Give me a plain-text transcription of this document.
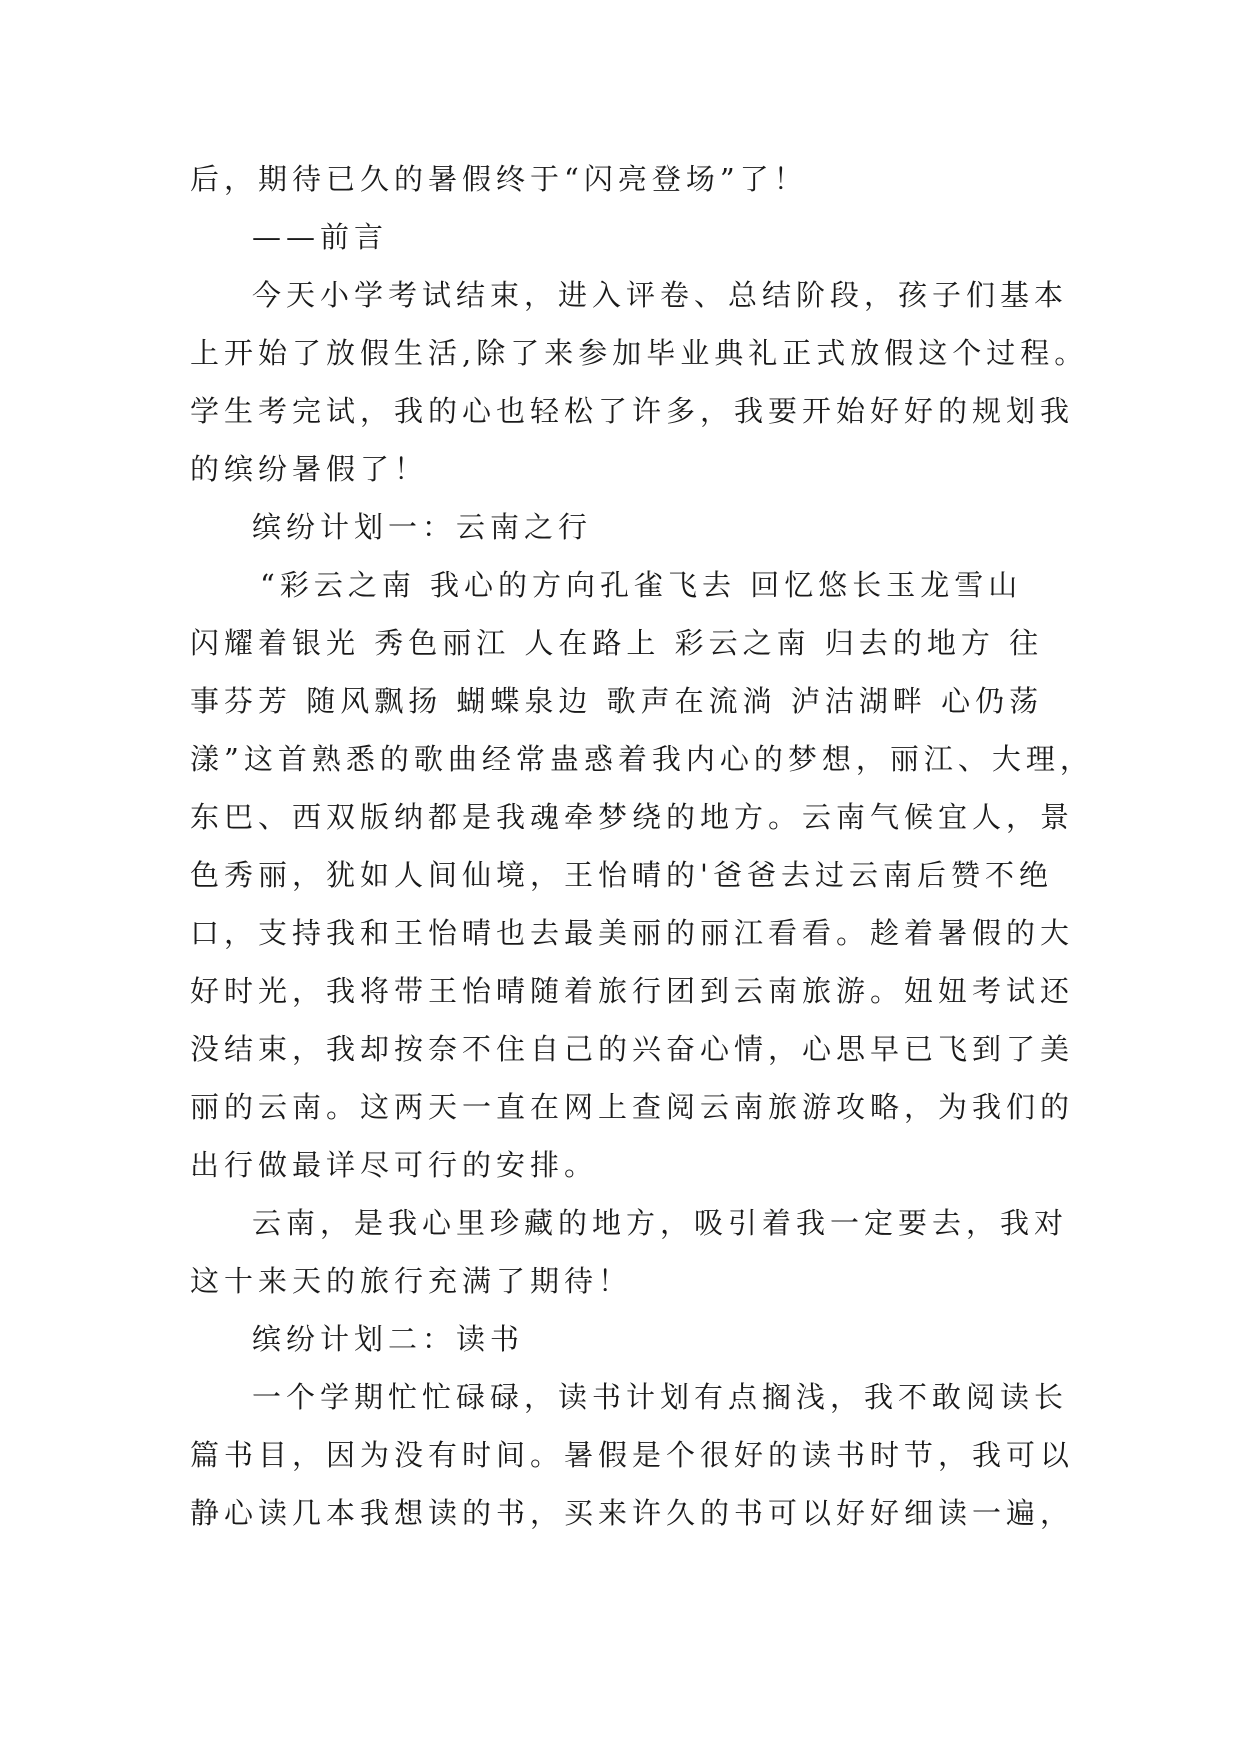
后，期待已久的暑假终于“闪亮登场”了！
——前言
今天小学考试结束，进入评卷、总结阶段，孩子们基本
上开始了放假生活,除了来参加毕业典礼正式放假这个过程。
学生考完试，我的心也轻松了许多，我要开始好好的规划我
的缤纷暑假了！
缤纷计划一：云南之行
“彩云之南 我心的方向孔雀飞去 回忆悠长玉龙雪山
闪耀着银光 秀色丽江 人在路上 彩云之南 归去的地方 往
事芬芳 随风飘扬 蝴蝶泉边 歌声在流淌 泸沽湖畔 心仍荡
漾”这首熟悉的歌曲经常蛊惑着我内心的梦想，丽江、大理，
东巴、西双版纳都是我魂牵梦绕的地方。云南气候宜人，景
色秀丽，犹如人间仙境，王怡晴的'爸爸去过云南后赞不绝
口，支持我和王怡晴也去最美丽的丽江看看。趁着暑假的大
好时光，我将带王怡晴随着旅行团到云南旅游。妞妞考试还
没结束，我却按奈不住自己的兴奋心情，心思早已飞到了美
丽的云南。这两天一直在网上查阅云南旅游攻略，为我们的
出行做最详尽可行的安排。
云南，是我心里珍藏的地方，吸引着我一定要去，我对
这十来天的旅行充满了期待！
缤纷计划二：读书
一个学期忙忙碌碌，读书计划有点搁浅，我不敢阅读长
篇书目，因为没有时间。暑假是个很好的读书时节，我可以
静心读几本我想读的书，买来许久的书可以好好细读一遍，
